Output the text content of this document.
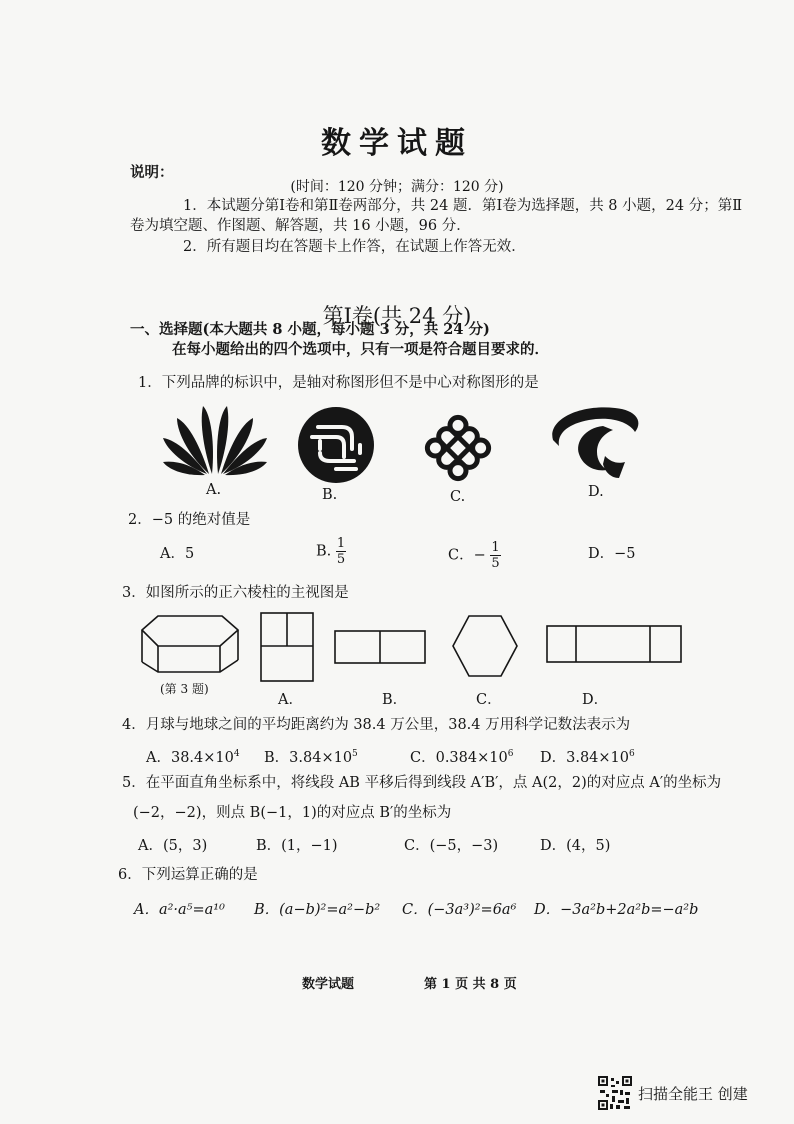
数学试题
(时间：120 分钟；满分：120 分)
说明：
1．本试题分第Ⅰ卷和第Ⅱ卷两部分，共 24 题．第Ⅰ卷为选择题，共 8 小题，24 分；第Ⅱ
卷为填空题、作图题、解答题，共 16 小题，96 分．
2．所有题目均在答题卡上作答，在试题上作答无效．
第Ⅰ卷(共 24 分)
一、选择题(本大题共 8 小题，每小题 3 分，共 24 分)
在每小题给出的四个选项中，只有一项是符合题目要求的．
1．下列品牌的标识中，是轴对称图形但不是中心对称图形的是
A.	B.	C.	D.
2．−5 的绝对值是
A．5	B. $\frac{1}{5}$	C．− $\frac{1}{5}$	D．−5
3．如图所示的正六棱柱的主视图是
(第 3 题)
A．	B．	C．	D．
4．月球与地球之间的平均距离约为 38.4 万公里，38.4 万用科学记数法表示为
A．$38.4\times 10^4$ B．$3.84\times 10^5$	C．$0.384\times 10^6$ D．$3.84\times 10^6$
5．在平面直角坐标系中，将线段 AB 平移后得到线段 A′B′，点 A(2，2)的对应点 A′的坐标为
(−2，−2)，则点 B(−1，1)的对应点 B′的坐标为
A．(5，3)	B．(1，−1)	C．(−5，−3)	D．(4，5)
6．下列运算正确的是
A．a²·a⁵=a¹⁰ B．(a−b)²=a²−b² C．(−3a³)²=6a⁶ D．−3a²b+2a²b=−a²b
数学试题	第 1 页 共 8 页
扫描全能王 创建
